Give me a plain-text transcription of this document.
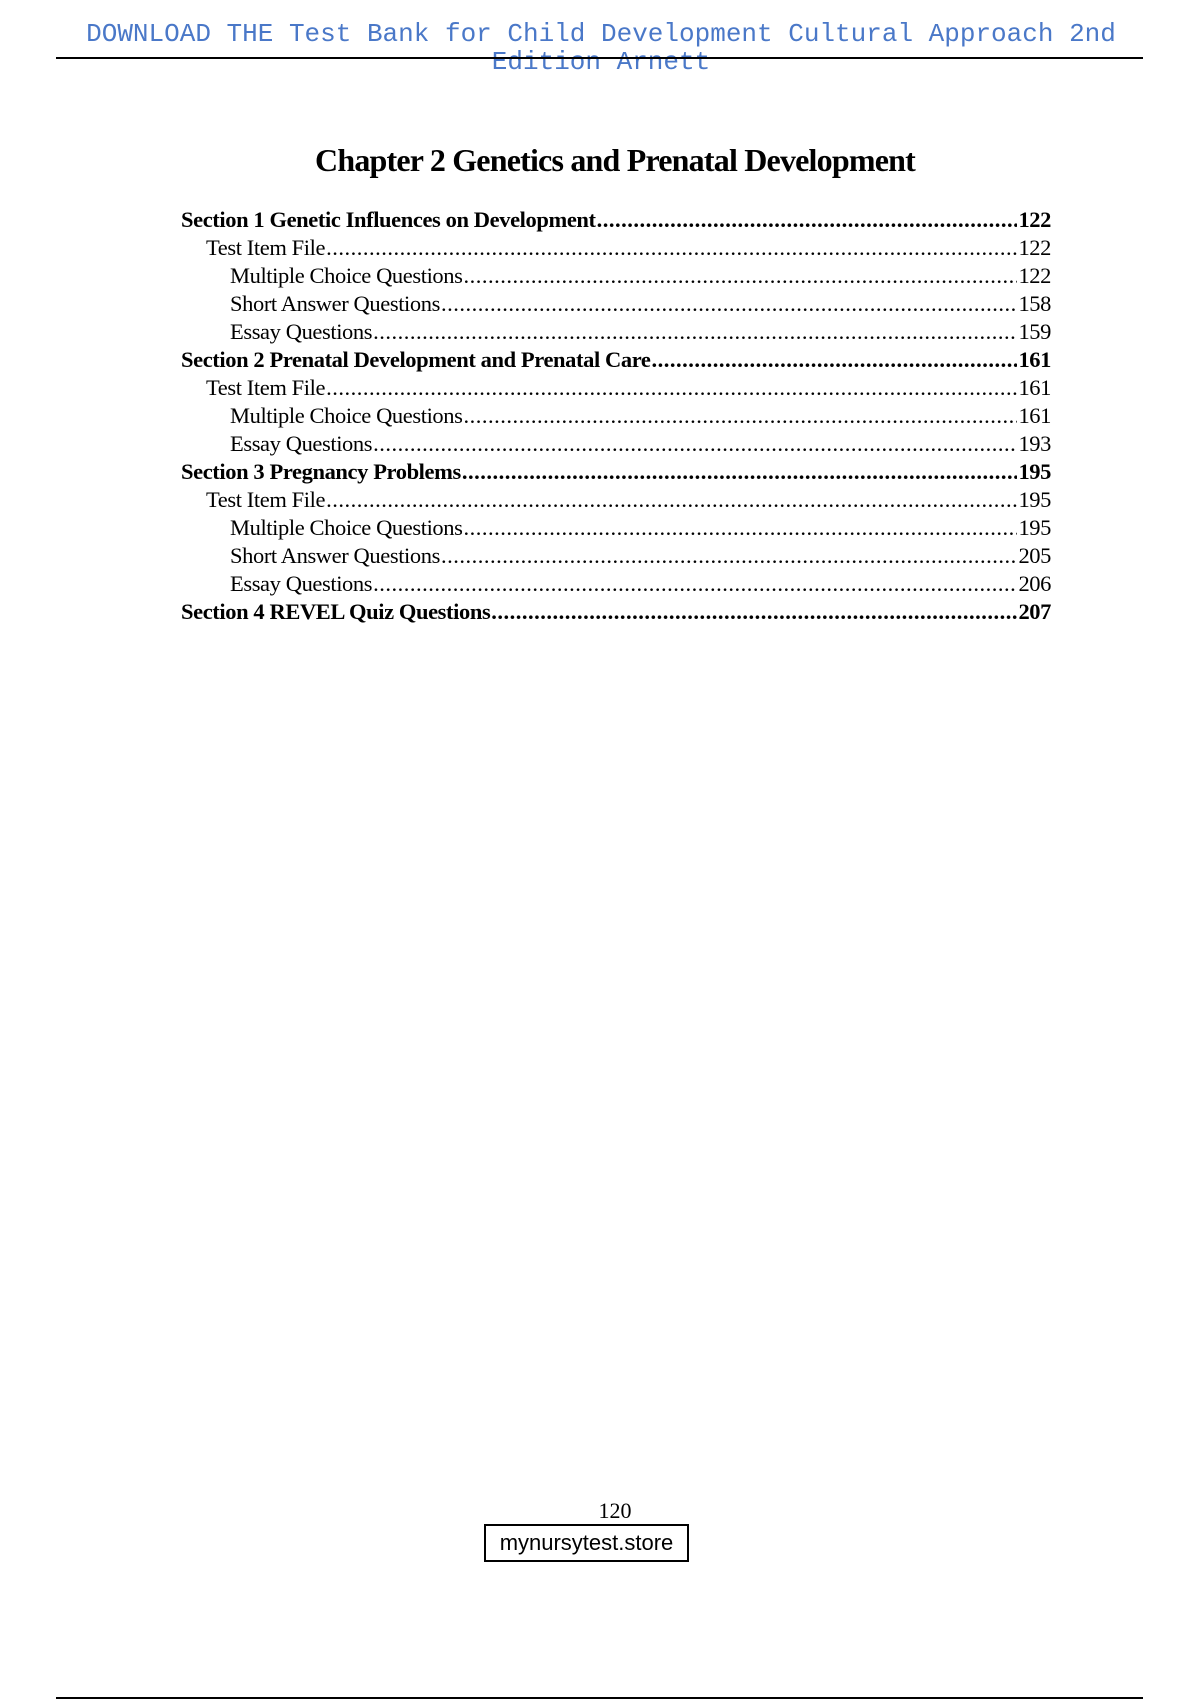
DOWNLOAD THE Test Bank for Child Development Cultural Approach 2nd Edition Arnett
Chapter 2 Genetics and Prenatal Development
Section 1 Genetic Influences on Development .....	122
Test Item File .....	122
Multiple Choice Questions .....	122
Short Answer Questions .....	158
Essay Questions .....	159
Section 2 Prenatal Development and Prenatal Care .....	161
Test Item File .....	161
Multiple Choice Questions .....	161
Essay Questions .....	193
Section 3 Pregnancy Problems .....	195
Test Item File .....	195
Multiple Choice Questions .....	195
Short Answer Questions .....	205
Essay Questions .....	206
Section 4 REVEL Quiz Questions .....	207
120
mynursytest.store
